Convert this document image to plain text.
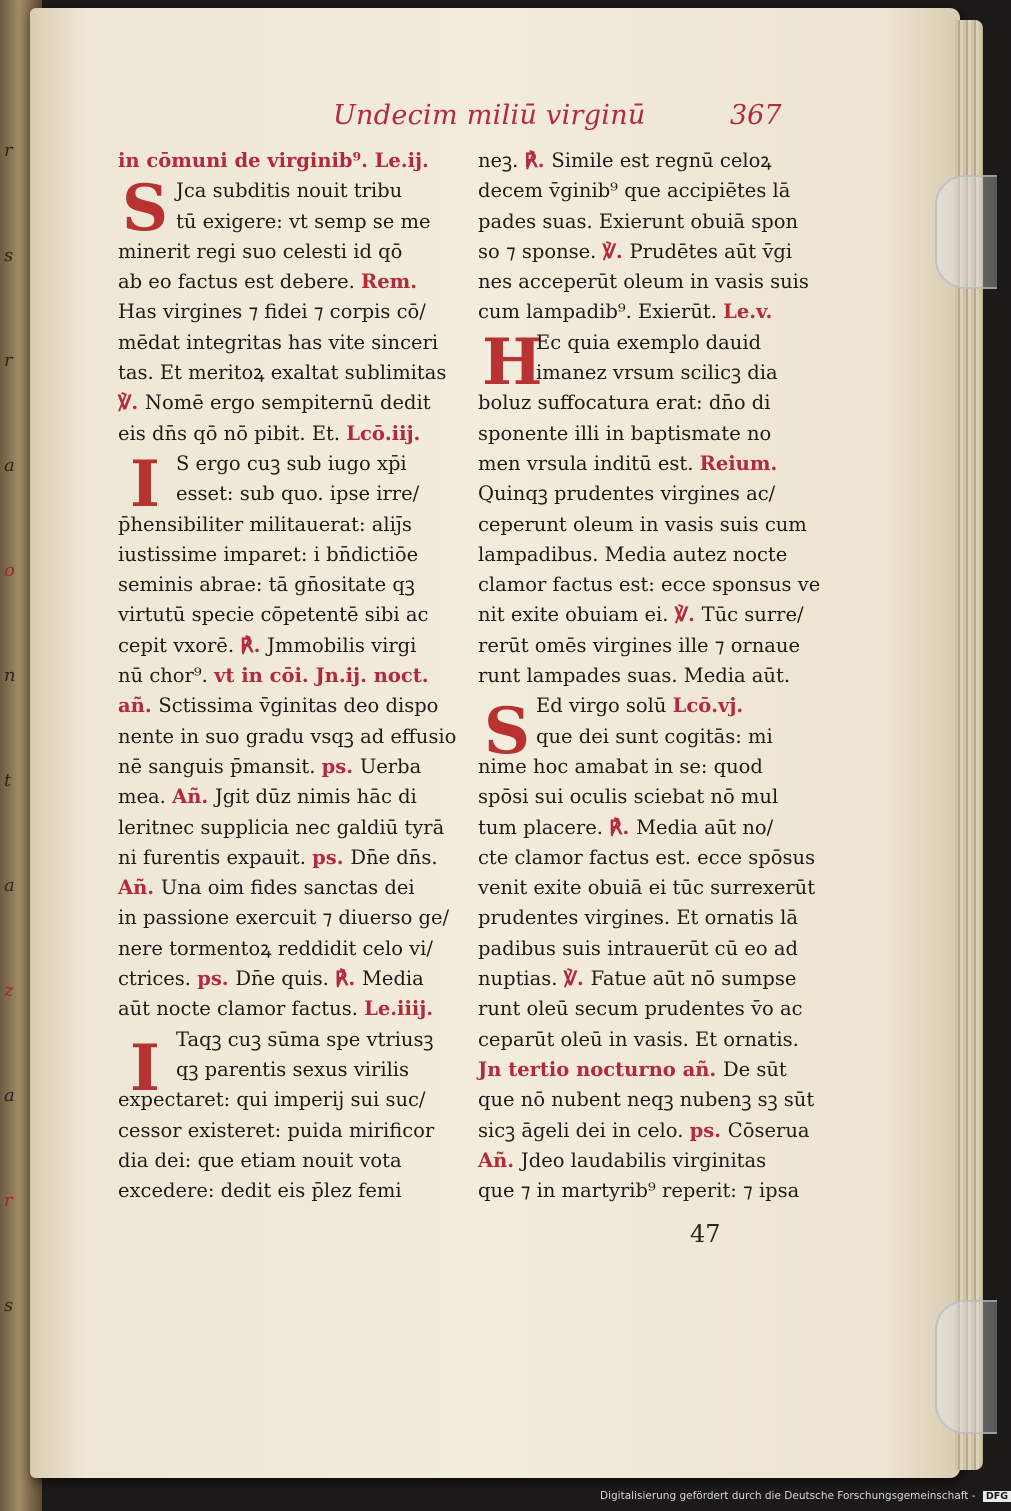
r
s
r
a
o
n
t
a
z
a
r
s
Undecim miliū virginū	367
S
I
I
H
S
in cōmuni de virginib⁹. Le.ij.
Jca subditis nouit tribu
tū exigere: vt semp se me
minerit regi suo celesti id qō
ab eo factus est debere. Rem.
Has virgines ⁊ fidei ⁊ corpis cō/
mēdat integritas has vite sinceri
tas. Et meritoꝝ exaltat sublimitas
℣. Nomē ergo sempiternū dedit
eis dn̄s qō nō pibit. Et. Lcō.iij.
S ergo cuꝫ sub iugo xp̄i
esset: sub quo. ipse irre/
p̄hensibiliter militauerat: aliȷ̄s
iustissime imparet: i bn̄dictiōe
seminis abrae: tā gn̄ositate qꝫ
virtutū specie cōpetentē sibi ac
cepit vxorē. ℟. Jmmobilis virgi
nū chor⁹. vt in cōi. Jn.ij. noct.
añ. Sctissima v̄ginitas deo dispo
nente in suo gradu vsqꝫ ad effusio
nē sanguis p̄mansit. ps. Uerba
mea. Añ. Jgit dūz nimis hāc di
leritnec supplicia nec galdiū tyrā
ni furentis expauit. ps. Dn̄e dn̄s.
Añ. Una oim fides sanctas dei
in passione exercuit ⁊ diuerso ge/
nere tormentoꝝ reddidit celo vi/
ctrices. ps. Dn̄e quis. ℟. Media
aūt nocte clamor factus. Le.iiij.
Taqꝫ cuꝫ sūma spe vtriusꝫ
qꝫ parentis sexus virilis
expectaret: qui imperij sui suc/
cessor existeret: puida mirificor
dia dei: que etiam nouit vota
excedere: dedit eis p̄lez femi
neꝫ. ℟. Simile est regnū celoꝝ
decem v̄ginib⁹ que accipiētes lā
pades suas. Exierunt obuiā spon
so ⁊ sponse. ℣. Prudētes aūt v̄gi
nes acceperūt oleum in vasis suis
cum lampadib⁹. Exierūt. Le.v.
Ec quia exemplo dauid
imanez vrsum scilicꝫ dia
boluz suffocatura erat: dn̄o di
sponente illi in baptismate no
men vrsula inditū est. Reium.
Quinqꝫ prudentes virgines ac/
ceperunt oleum in vasis suis cum
lampadibus. Media autez nocte
clamor factus est: ecce sponsus ve
nit exite obuiam ei. ℣. Tūc surre/
rerūt omēs virgines ille ⁊ ornaue
runt lampades suas. Media aūt.
Ed virgo solū Lcō.vj.
que dei sunt cogitās: mi
nime hoc amabat in se: quod
spōsi sui oculis sciebat nō mul
tum placere. ℟. Media aūt no/
cte clamor factus est. ecce spōsus
venit exite obuiā ei tūc surrexerūt
prudentes virgines. Et ornatis lā
padibus suis intrauerūt cū eo ad
nuptias. ℣. Fatue aūt nō sumpse
runt oleū secum prudentes v̄o ac
ceparūt oleū in vasis. Et ornatis.
Jn tertio nocturno añ. De sūt
que nō nubent neqꝫ nubenꝫ sꝫ sūt
sicꝫ āgeli dei in celo. ps. Cōserua
Añ. Jdeo laudabilis virginitas
que ⁊ in martyrib⁹ reperit: ⁊ ipsa
47
Digitalisierung gefördert durch die Deutsche Forschungsgemeinschaft - DFG
